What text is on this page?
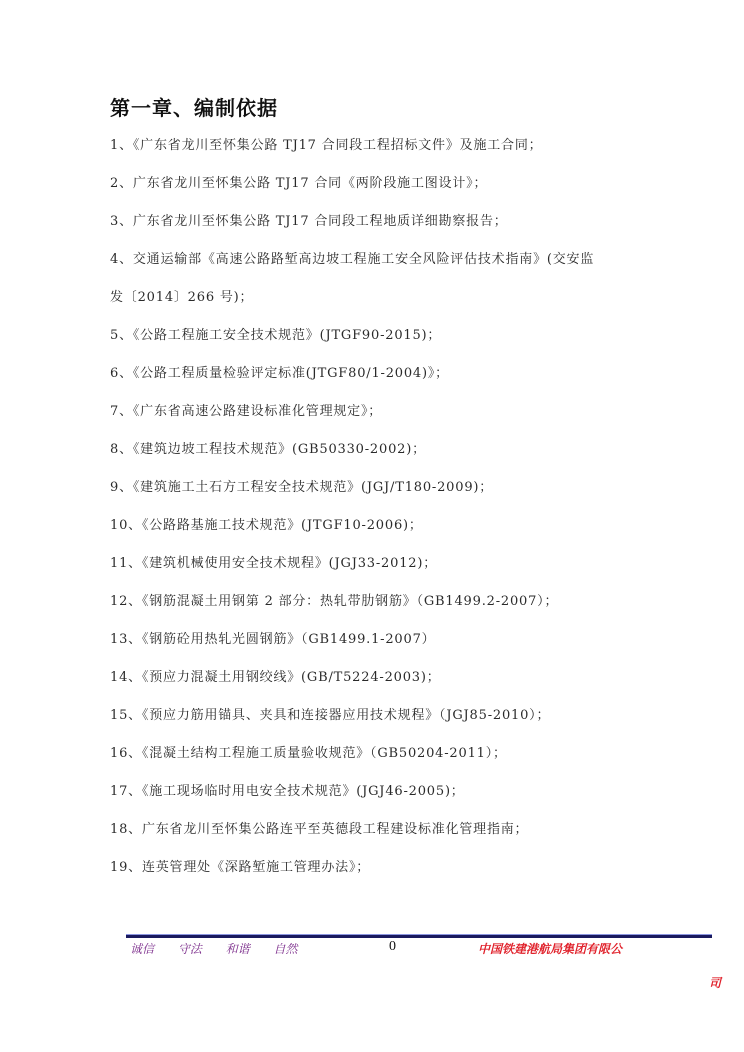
第一章、编制依据
1、《广东省龙川至怀集公路 TJ17 合同段工程招标文件》及施工合同；
2、广东省龙川至怀集公路 TJ17 合同《两阶段施工图设计》；
3、广东省龙川至怀集公路 TJ17 合同段工程地质详细勘察报告；
4、交通运输部《高速公路路堑高边坡工程施工安全风险评估技术指南》(交安监
发〔2014〕266 号)；
5、《公路工程施工安全技术规范》(JTGF90-2015)；
6、《公路工程质量检验评定标准(JTGF80/1-2004)》；
7、《广东省高速公路建设标准化管理规定》；
8、《建筑边坡工程技术规范》(GB50330-2002)；
9、《建筑施工土石方工程安全技术规范》(JGJ/T180-2009)；
10、《公路路基施工技术规范》(JTGF10-2006)；
11、《建筑机械使用安全技术规程》(JGJ33-2012)；
12、《钢筋混凝土用钢第 2 部分：热轧带肋钢筋》（GB1499.2-2007）；
13、《钢筋砼用热轧光圆钢筋》（GB1499.1-2007）
14、《预应力混凝土用钢绞线》(GB/T5224-2003)；
15、《预应力筋用锚具、夹具和连接器应用技术规程》（JGJ85-2010）；
16、《混凝土结构工程施工质量验收规范》（GB50204-2011）；
17、《施工现场临时用电安全技术规范》(JGJ46-2005)；
18、广东省龙川至怀集公路连平至英德段工程建设标准化管理指南；
19、连英管理处《深路堑施工管理办法》；
诚信 守法 和谐 自然	0	中国铁建港航局集团有限公
司
